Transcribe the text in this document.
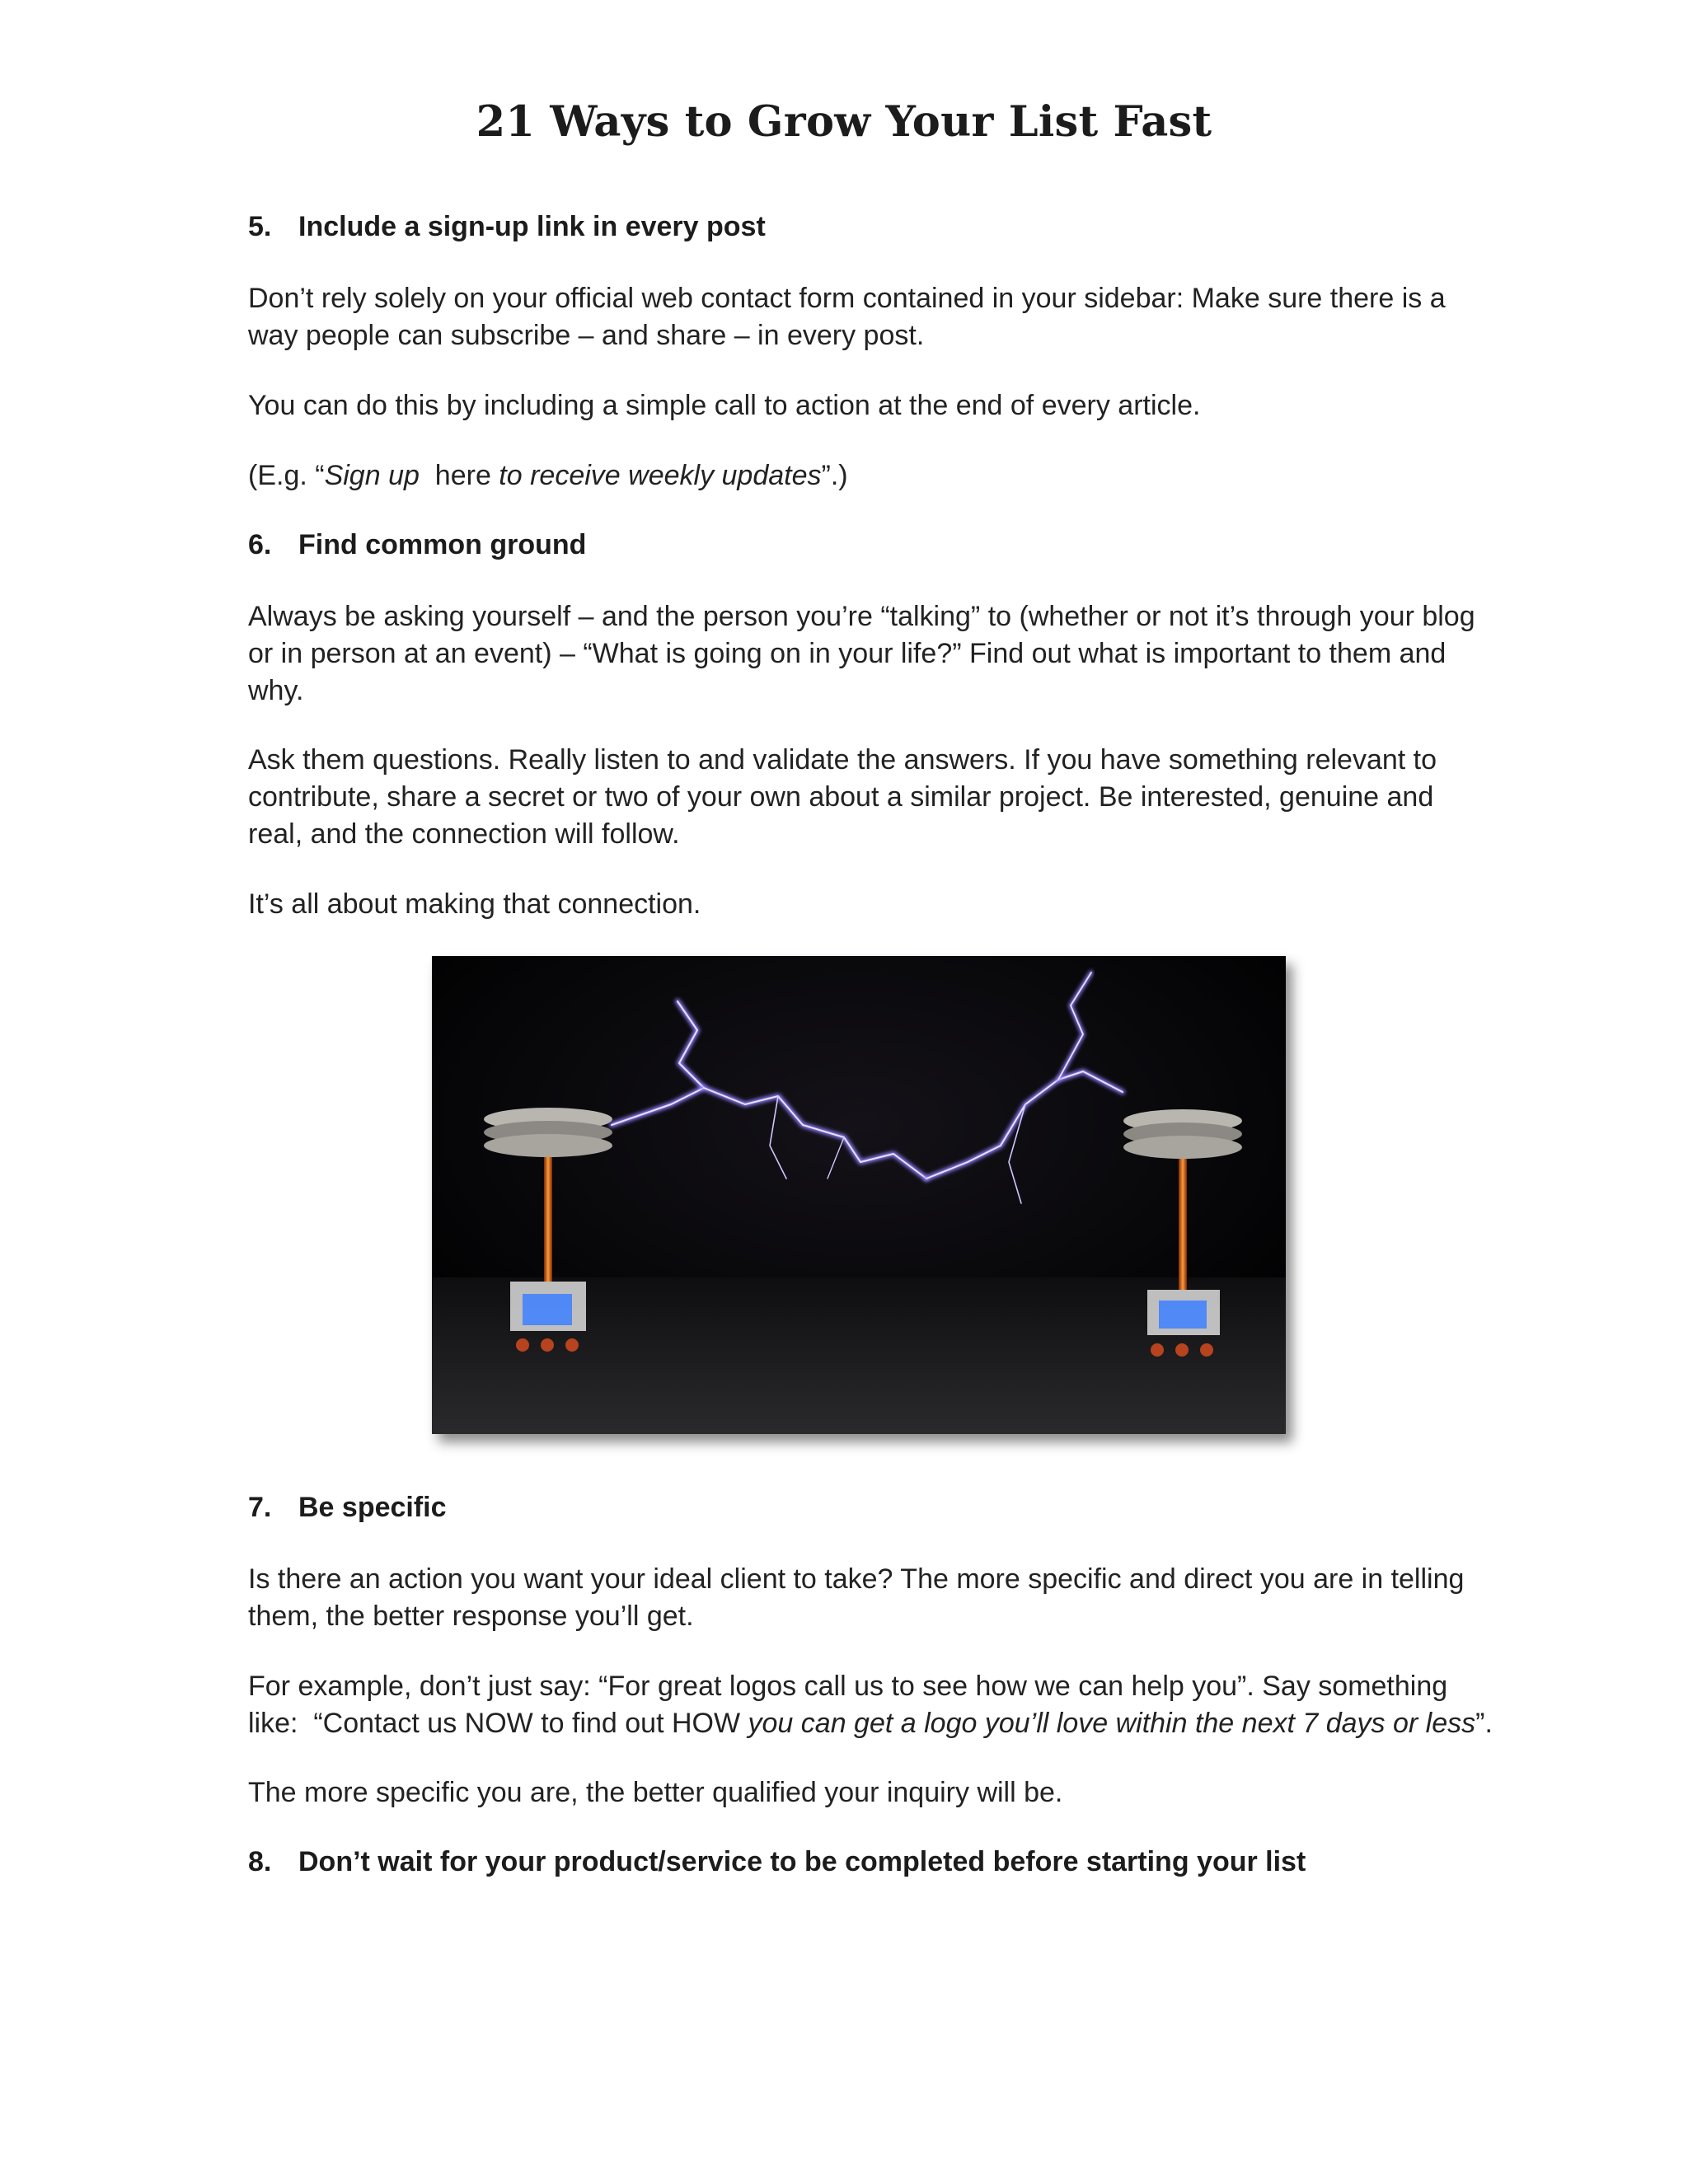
21 Ways to Grow Your List Fast
5. Include a sign-up link in every post
Don’t rely solely on your official web contact form contained in your sidebar: Make sure there is a
way people can subscribe – and share – in every post.
You can do this by including a simple call to action at the end of every article.
(E.g. “Sign up  here to receive weekly updates”.)
6. Find common ground
Always be asking yourself – and the person you’re “talking” to (whether or not it’s through your blog
or in person at an event) – “What is going on in your life?” Find out what is important to them and
why.
Ask them questions. Really listen to and validate the answers. If you have something relevant to
contribute, share a secret or two of your own about a similar project. Be interested, genuine and
real, and the connection will follow.
It’s all about making that connection.
7. Be specific
Is there an action you want your ideal client to take? The more specific and direct you are in telling
them, the better response you’ll get.
For example, don’t just say: “For great logos call us to see how we can help you”. Say something
like:  “Contact us NOW to find out HOW you can get a logo you’ll love within the next 7 days or less”.
The more specific you are, the better qualified your inquiry will be.
8. Don’t wait for your product/service to be completed before starting your list
